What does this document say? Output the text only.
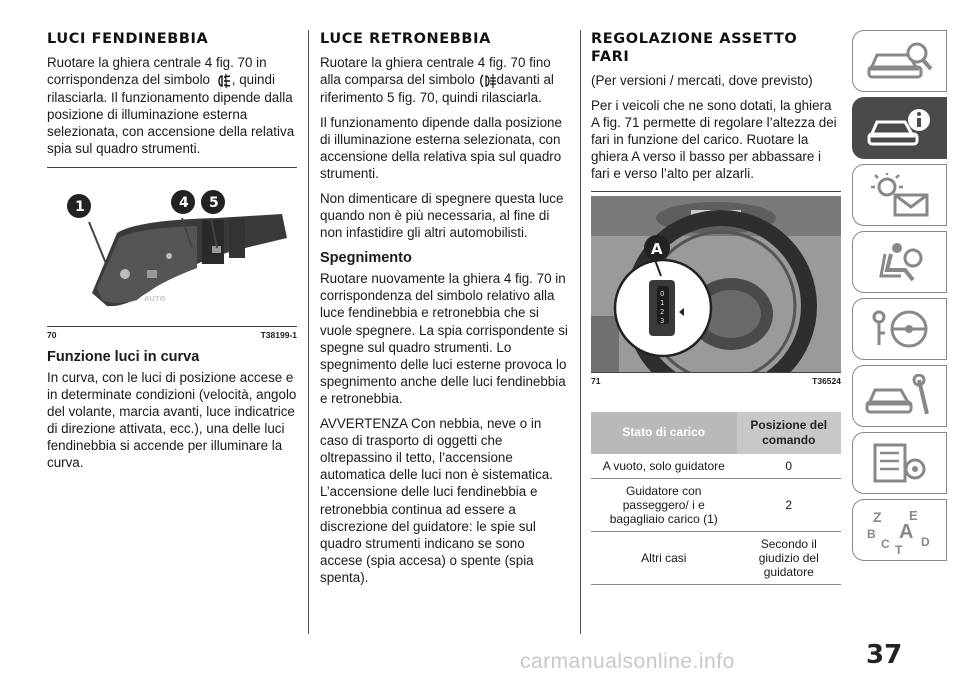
LUCI FENDINEBBIA
Ruotare la ghiera centrale 4 fig. 70 in corrispondenza del simbolo , quindi rilasciarla. Il funzionamento dipende dalla posizione di illuminazione esterna selezionata, con accensione della relativa spia sul quadro strumenti.
AUTO
1	4 5
70	T38199-1
Funzione luci in curva
In curva, con le luci di posizione accese e in determinate condizioni (velocità, angolo del volante, marcia avanti, luce indicatrice di direzione attivata, ecc.), una delle luci fendinebbia si accende per illuminare la curva.
LUCE RETRONEBBIA
Ruotare la ghiera centrale 4 fig. 70 fino alla comparsa del simbolo davanti al riferimento 5 fig. 70, quindi rilasciarla.
Il funzionamento dipende dalla posizione di illuminazione esterna selezionata, con accensione della relativa spia sul quadro strumenti.
Non dimenticare di spegnere questa luce quando non è più necessaria, al fine di non infastidire gli altri automobilisti.
Spegnimento
Ruotare nuovamente la ghiera 4 fig. 70 in corrispondenza del simbolo relativo alla luce fendinebbia e retronebbia che si vuole spegnere. La spia corrispondente si spegne sul quadro strumenti. Lo spegnimento delle luci esterne provoca lo spegnimento anche delle luci fendinebbia e retronebbia.
AVVERTENZA Con nebbia, neve o in caso di trasporto di oggetti che oltrepassino il tetto, l’accensione automatica delle luci non è sistematica. L’accensione delle luci fendinebbia e retronebbia continua ad essere a discrezione del guidatore: le spie sul quadro strumenti indicano se sono accese (spia accesa) o spente (spia spenta).
REGOLAZIONE ASSETTO FARI
(Per versioni / mercati, dove previsto)
Per i veicoli che ne sono dotati, la ghiera A fig. 71 permette di regolare l’altezza dei fari in funzione del carico. Ruotare la ghiera A verso il basso per abbassare i fari e verso l’alto per alzarli.
0
1
2
3
A
71	T36524
Stato di carico	Posizione del comando
A vuoto, solo guidatore	0
Guidatore con passeggero/ i e bagagliaio carico (1)	2
Altri casi	Secondo il giudizio del guidatore
Z E
A
B
C	D
T
37
carmanualsonline.info
